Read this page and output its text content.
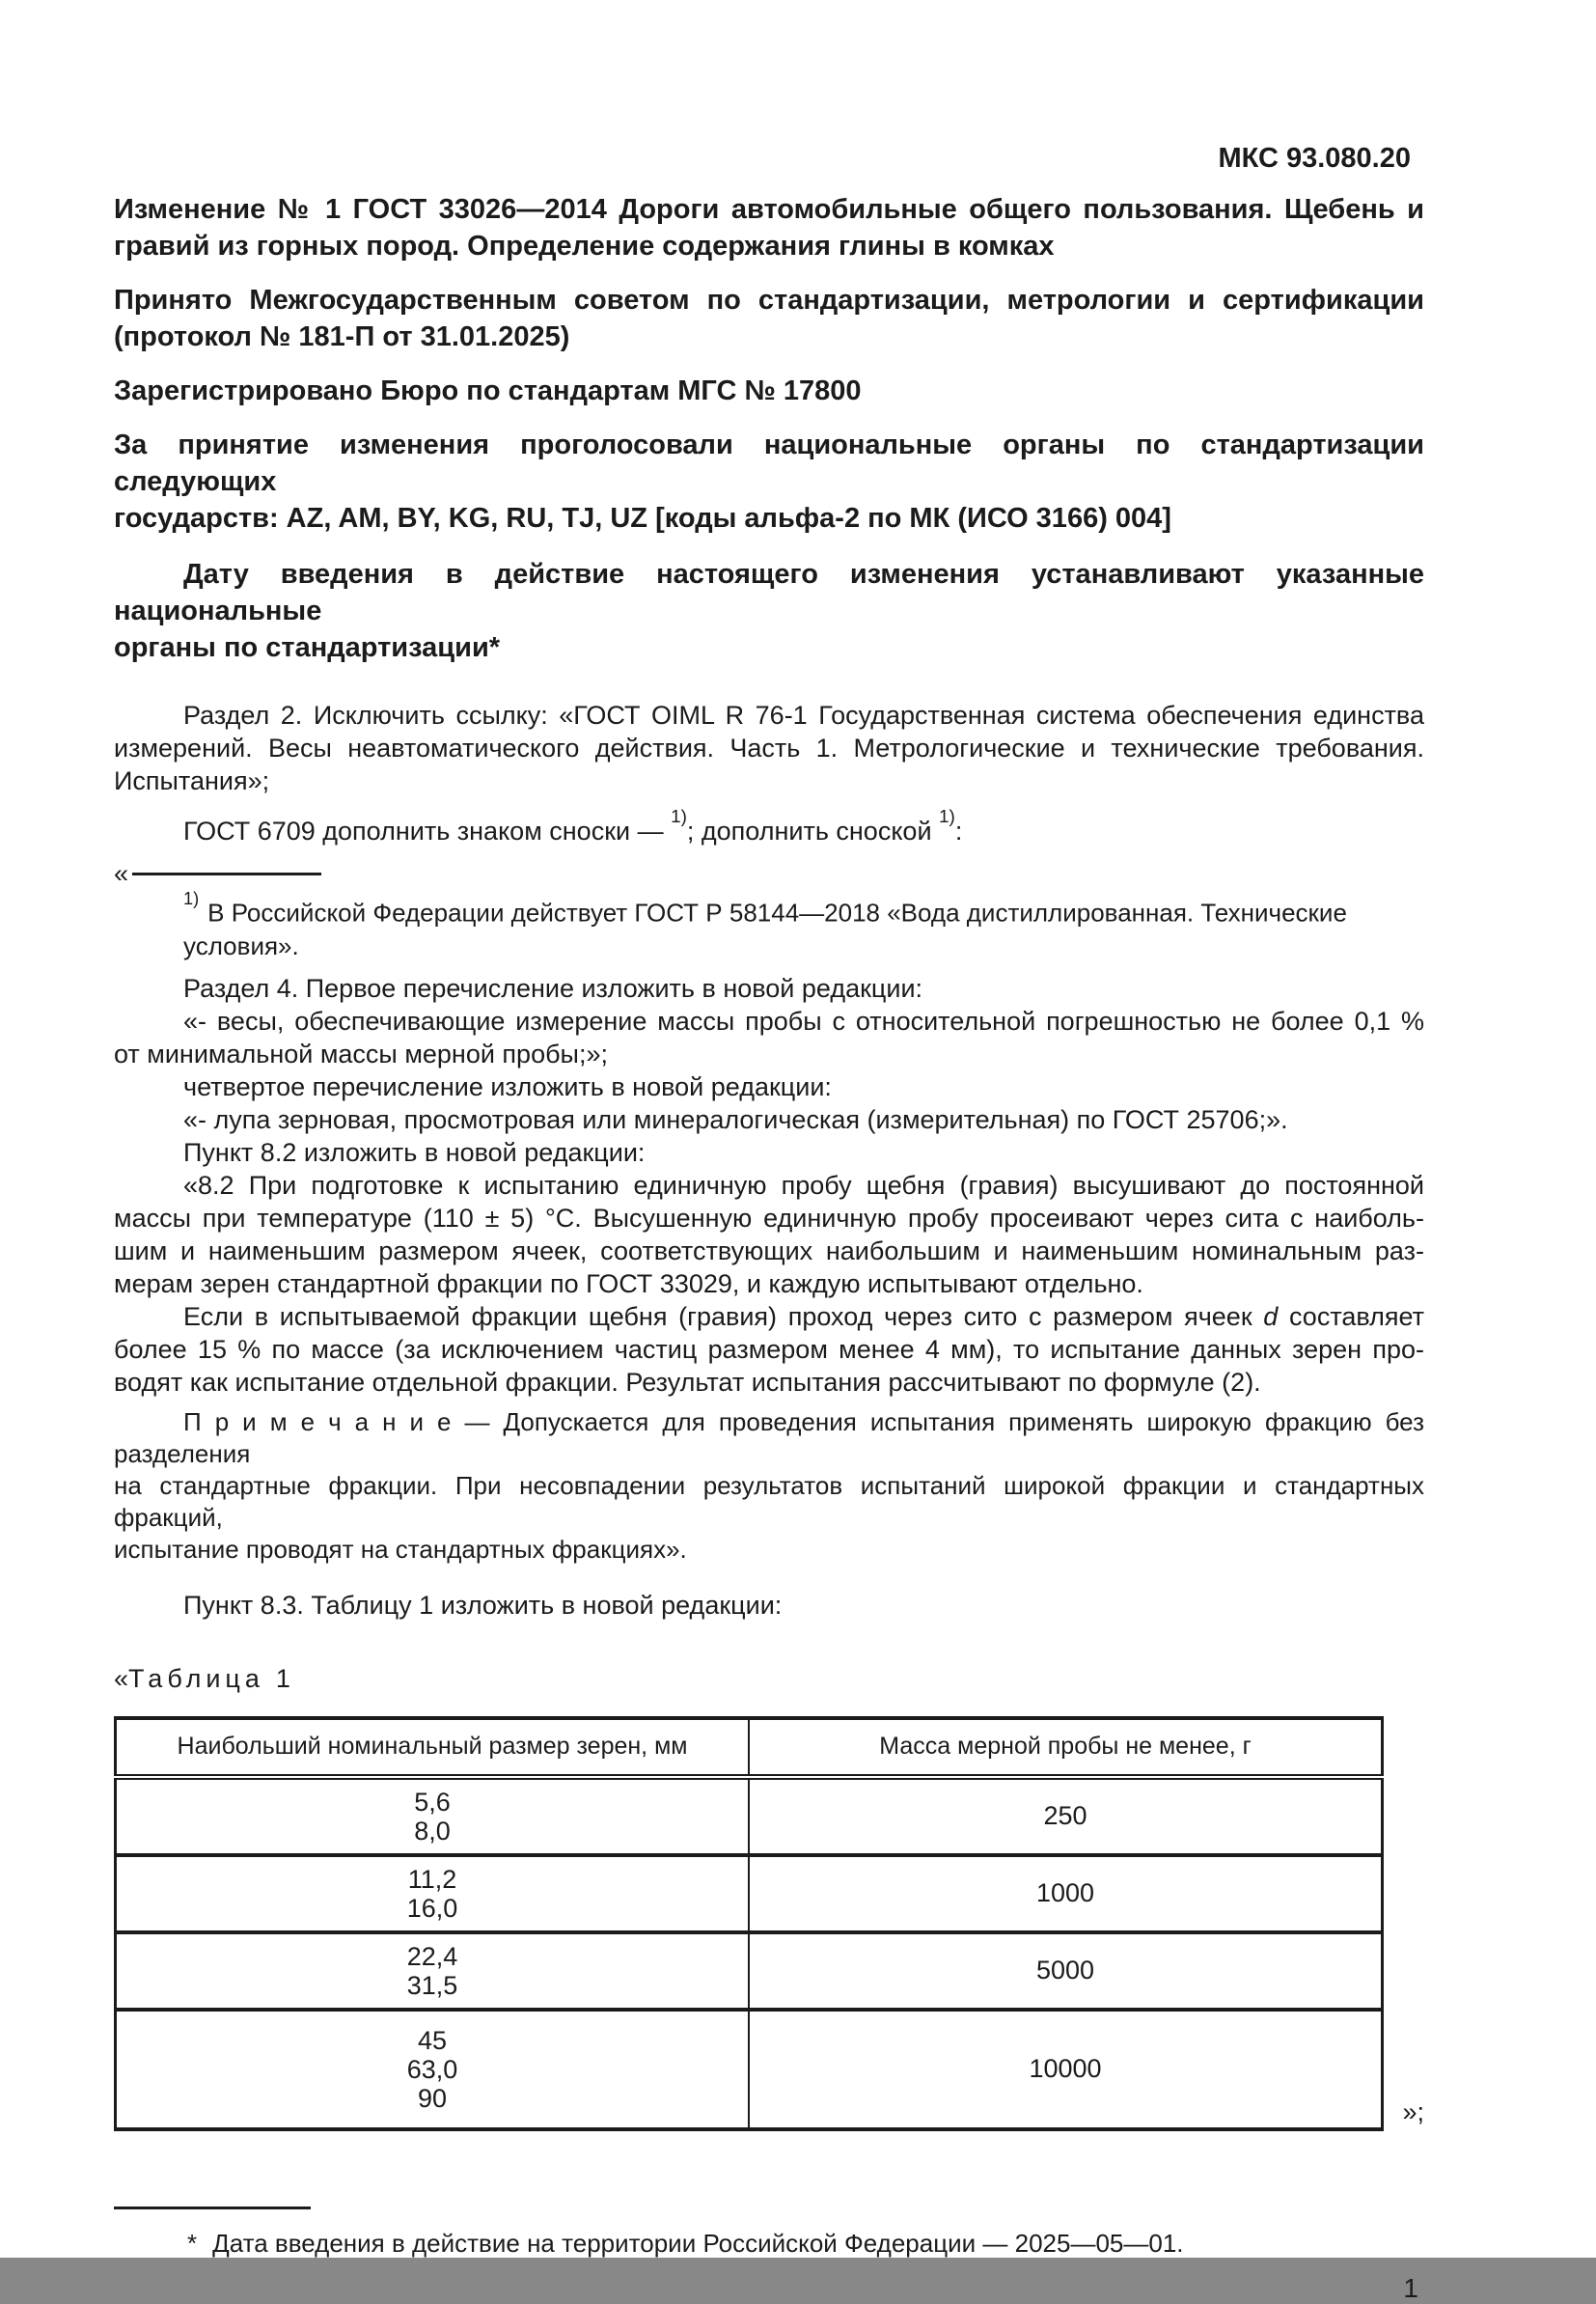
МКС 93.080.20
Изменение № 1 ГОСТ 33026—2014 Дороги автомобильные общего пользования. Щебень и
гравий из горных пород. Определение содержания глины в комках
Принято Межгосударственным советом по стандартизации, метрологии и сертификации
(протокол № 181-П от 31.01.2025)
Зарегистрировано Бюро по стандартам МГС № 17800
За принятие изменения проголосовали национальные органы по стандартизации следующих
государств: AZ, AM, BY, KG, RU, TJ, UZ [коды альфа-2 по МК (ИСО 3166) 004]
Дату введения в действие настоящего изменения устанавливают указанные национальные
органы по стандартизации*
Раздел 2. Исключить ссылку: «ГОСТ OIML R 76-1 Государственная система обеспечения единства
измерений. Весы неавтоматического действия. Часть 1. Метрологические и технические требования.
Испытания»;

ГОСТ 6709 дополнить знаком сноски — $^{1)}$; дополнить сноской $^{1)}$:

«

$^{1)}$ В Российской Федерации действует ГОСТ Р 58144—2018 «Вода дистиллированная. Технические условия».

Раздел 4. Первое перечисление изложить в новой редакции:

«- весы, обеспечивающие измерение массы пробы с относительной погрешностью не более 0,1 %
от минимальной массы мерной пробы;»;

четвертое перечисление изложить в новой редакции:

«- лупа зерновая, просмотровая или минералогическая (измерительная) по ГОСТ 25706;».

Пункт 8.2 изложить в новой редакции:

«8.2 При подготовке к испытанию единичную пробу щебня (гравия) высушивают до постоянной
массы при температуре (110 ± 5) °С. Высушенную единичную пробу просеивают через сита с наиболь-
шим и наименьшим размером ячеек, соответствующих наибольшим и наименьшим номинальным раз-
мерам зерен стандартной фракции по ГОСТ 33029, и каждую испытывают отдельно.
Если в испытываемой фракции щебня (гравия) проход через сито с размером ячеек d составляет
более 15 % по массе (за исключением частиц размером менее 4 мм), то испытание данных зерен про-
водят как испытание отдельной фракции. Результат испытания рассчитывают по формуле (2).
П р и м е ч а н и е — Допускается для проведения испытания применять широкую фракцию без разделения
на стандартные фракции. При несовпадении результатов испытаний широкой фракции и стандартных фракций,
испытание проводят на стандартных фракциях».

Пункт 8.3. Таблицу 1 изложить в новой редакции:

«Таблица 1
Наибольший номинальный размер зерен, мм	Масса мерной пробы не менее, г

5,6
8,0	250

11,2
16,0	1000

22,4
31,5	5000

45
63,0
90	10000
»;

* Дата введения в действие на территории Российской Федерации — 2025—05—01.

1
